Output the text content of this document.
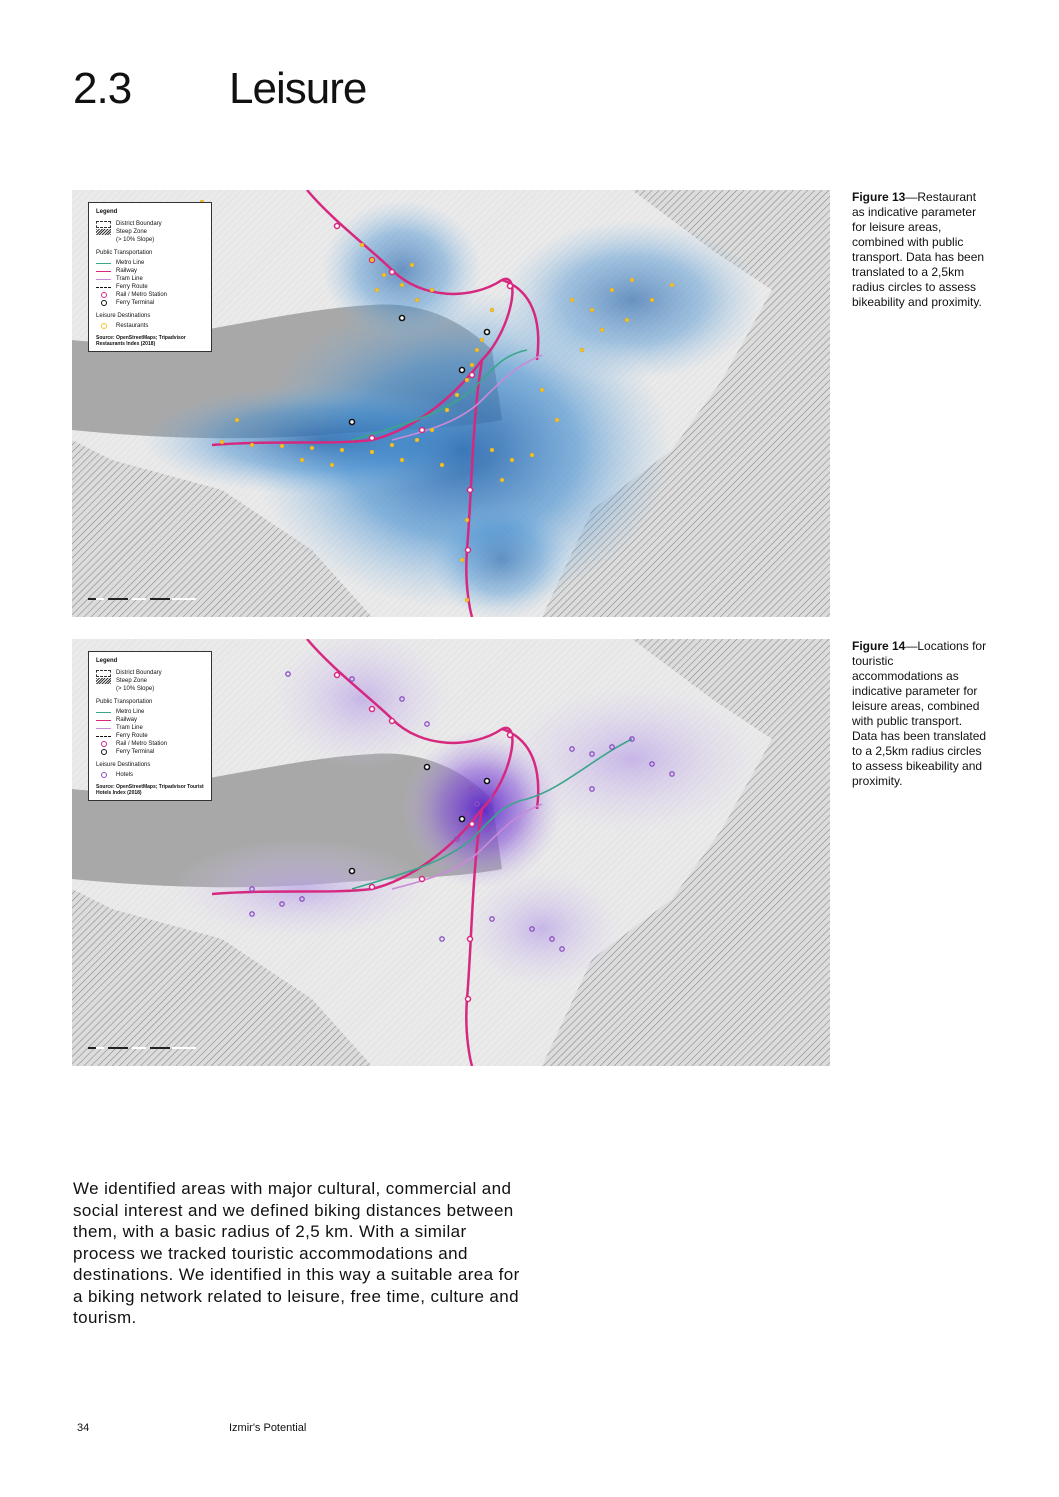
2.3 Leisure
Legend
District Boundary
Steep Zone
(> 10% Slope)
Public Transportation
Metro Line
Railway
Tram Line
Ferry Route
Rail / Metro Station
Ferry Terminal
Leisure Destinations
Restaurants
Source: OpenStreetMaps; Tripadvisor Restaurants Index (2018)
Figure 13—Restaurant as indicative parameter for leisure areas, combined with public transport. Data has been translated to a 2,5km radius circles to assess bikeability and proximity.
Legend
District Boundary
Steep Zone
(> 10% Slope)
Public Transportation
Metro Line
Railway
Tram Line
Ferry Route
Rail / Metro Station
Ferry Terminal
Leisure Destinations
Hotels
Source: OpenStreetMaps; Tripadvisor Tourist Hotels Index (2018)
Figure 14—Locations for touristic accommodations as indicative parameter for leisure areas, combined with public transport. Data has been translated to a 2,5km radius circles to assess bikeability and proximity.
We identified areas with major cultural, commercial and social interest and we defined biking distances between them, with a basic radius of 2,5 km. With a similar process we tracked touristic accommodations and destinations. We identified in this way a suitable area for a biking network related to leisure, free time, culture and tourism.
34	Izmir's Potential
